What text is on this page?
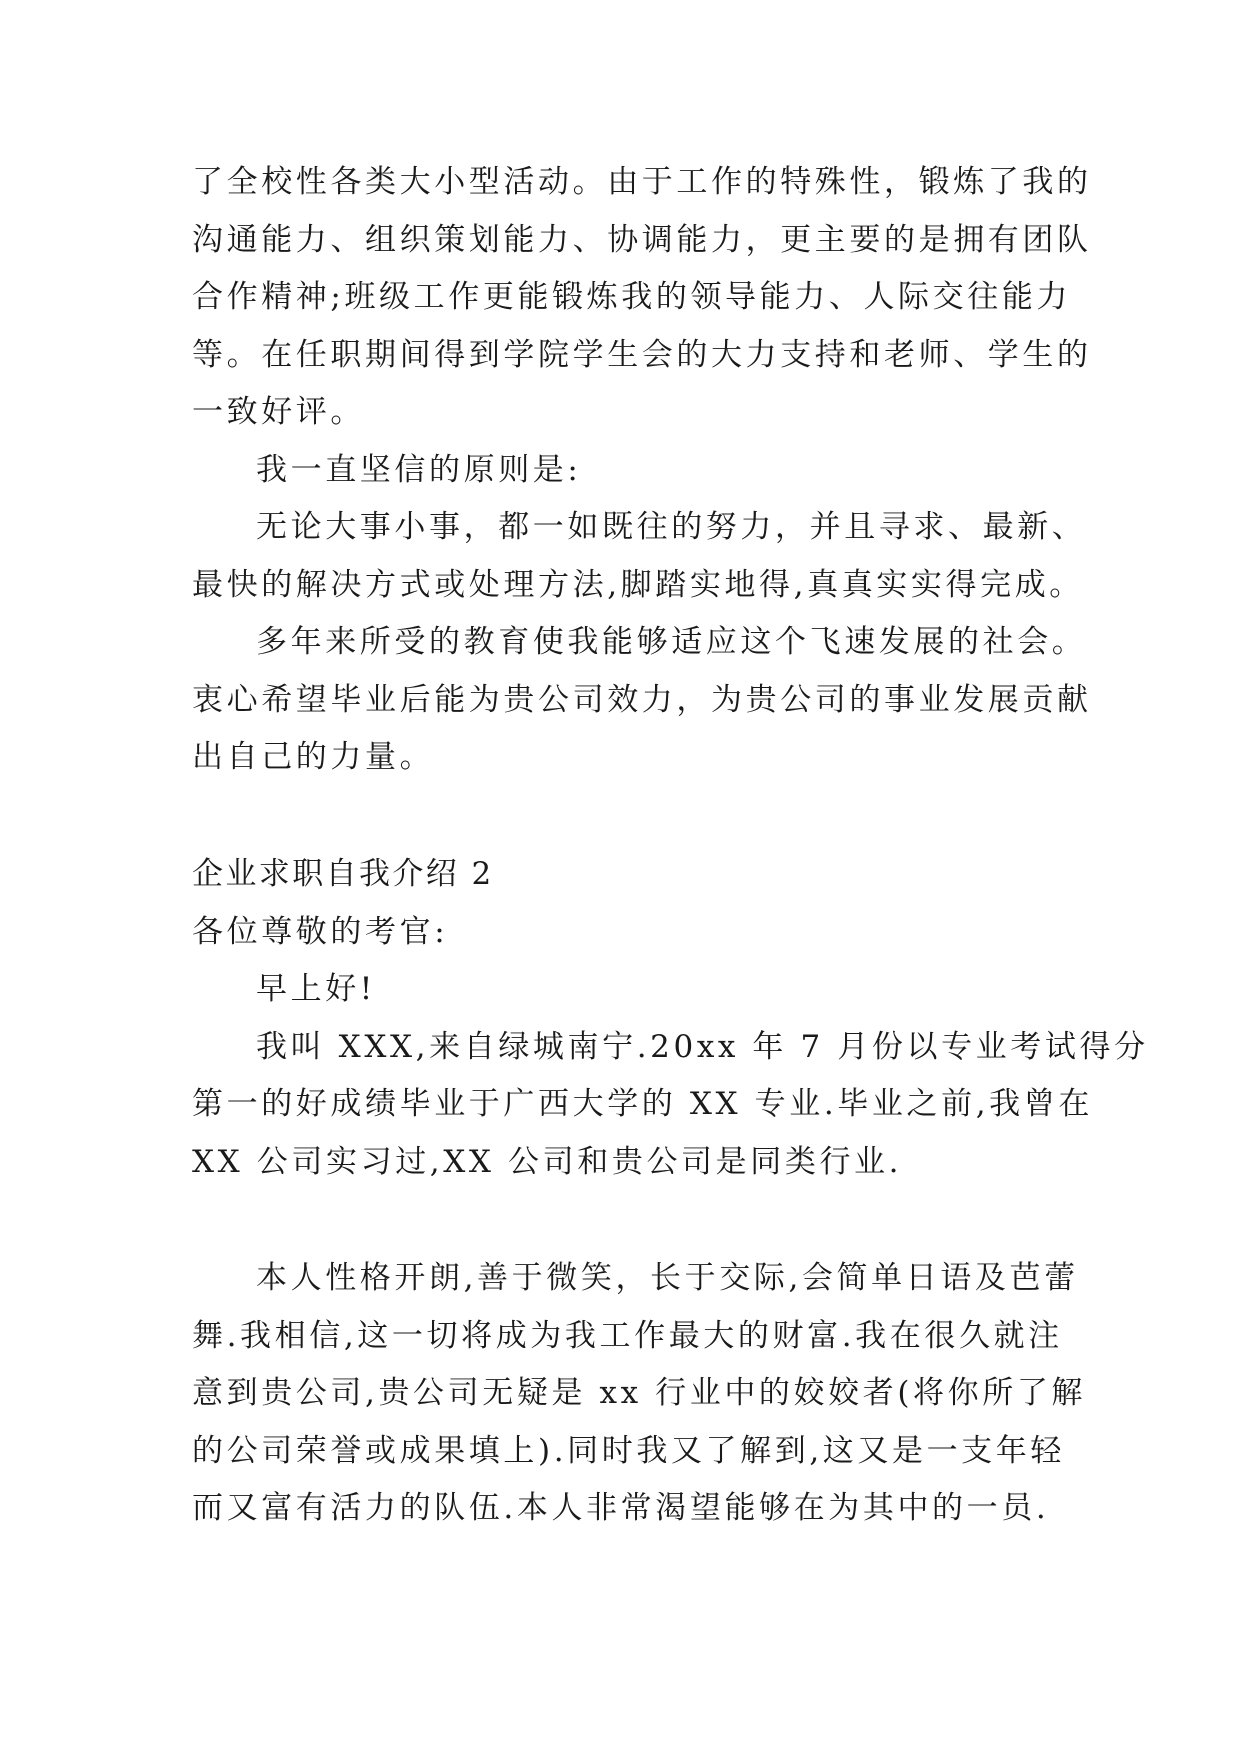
了全校性各类大小型活动。由于工作的特殊性，锻炼了我的
沟通能力、组织策划能力、协调能力，更主要的是拥有团队
合作精神;班级工作更能锻炼我的领导能力、人际交往能力
等。在任职期间得到学院学生会的大力支持和老师、学生的
一致好评。
我一直坚信的原则是:
无论大事小事，都一如既往的努力，并且寻求、最新、
最快的解决方式或处理方法,脚踏实地得,真真实实得完成。
多年来所受的教育使我能够适应这个飞速发展的社会。
衷心希望毕业后能为贵公司效力，为贵公司的事业发展贡献
出自己的力量。
企业求职自我介绍 2
各位尊敬的考官:
早上好!
我叫 XXX,来自绿城南宁.20xx 年 7 月份以专业考试得分
第一的好成绩毕业于广西大学的 XX 专业.毕业之前,我曾在
XX 公司实习过,XX 公司和贵公司是同类行业.
本人性格开朗,善于微笑，长于交际,会简单日语及芭蕾
舞.我相信,这一切将成为我工作最大的财富.我在很久就注
意到贵公司,贵公司无疑是 xx 行业中的姣姣者(将你所了解
的公司荣誉或成果填上).同时我又了解到,这又是一支年轻
而又富有活力的队伍.本人非常渴望能够在为其中的一员.
